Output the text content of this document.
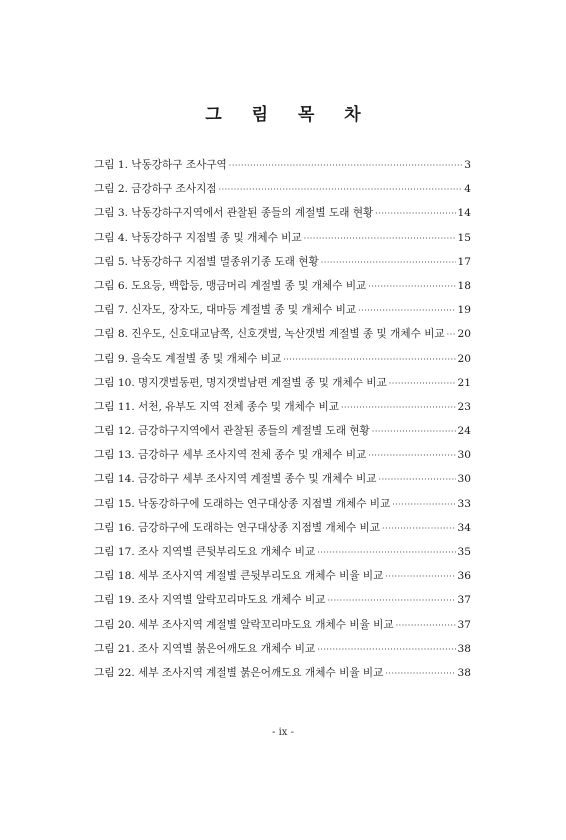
그 림 목 차
그림 1. 낙동강하구 조사구역 ·····	3
그림 2. 금강하구 조사지점 ·····	4
그림 3. 낙동강하구지역에서 관찰된 종들의 계절별 도래 현황 ·····	14
그림 4. 낙동강하구 지점별 종 및 개체수 비교 ·····	15
그림 5. 낙동강하구 지점별 멸종위기종 도래 현황 ·····	17
그림 6. 도요등, 백합등, 맹금머리 계절별 종 및 개체수 비교 ·····	18
그림 7. 신자도, 장자도, 대마등 계절별 종 및 개체수 비교 ·····	19
그림 8. 진우도, 신호대교남쪽, 신호갯벌, 녹산갯벌 계절별 종 및 개체수 비교 ····· 20
그림 9. 을숙도 계절별 종 및 개체수 비교 ·····	20
그림 10. 명지갯벌동편, 명지갯벌남편 계절별 종 및 개체수 비교 ·····	21
그림 11. 서천, 유부도 지역 전체 종수 및 개체수 비교 ·····	23
그림 12. 금강하구지역에서 관찰된 종들의 계절별 도래 현황 ·····	24
그림 13. 금강하구 세부 조사지역 전체 종수 및 개체수 비교 ·····	30
그림 14. 금강하구 세부 조사지역 계절별 종수 및 개체수 비교 ·····	30
그림 15. 낙동강하구에 도래하는 연구대상종 지점별 개체수 비교 ·····	33
그림 16. 금강하구에 도래하는 연구대상종 지점별 개체수 비교 ·····	34
그림 17. 조사 지역별 큰뒷부리도요 개체수 비교 ·····	35
그림 18. 세부 조사지역 계절별 큰뒷부리도요 개체수 비율 비교 ·····	36
그림 19. 조사 지역별 알락꼬리마도요 개체수 비교 ·····	37
그림 20. 세부 조사지역 계절별 알락꼬리마도요 개체수 비율 비교 ·····	37
그림 21. 조사 지역별 붉은어깨도요 개체수 비교 ·····	38
그림 22. 세부 조사지역 계절별 붉은어깨도요 개체수 비율 비교 ·····	38
- ix -
